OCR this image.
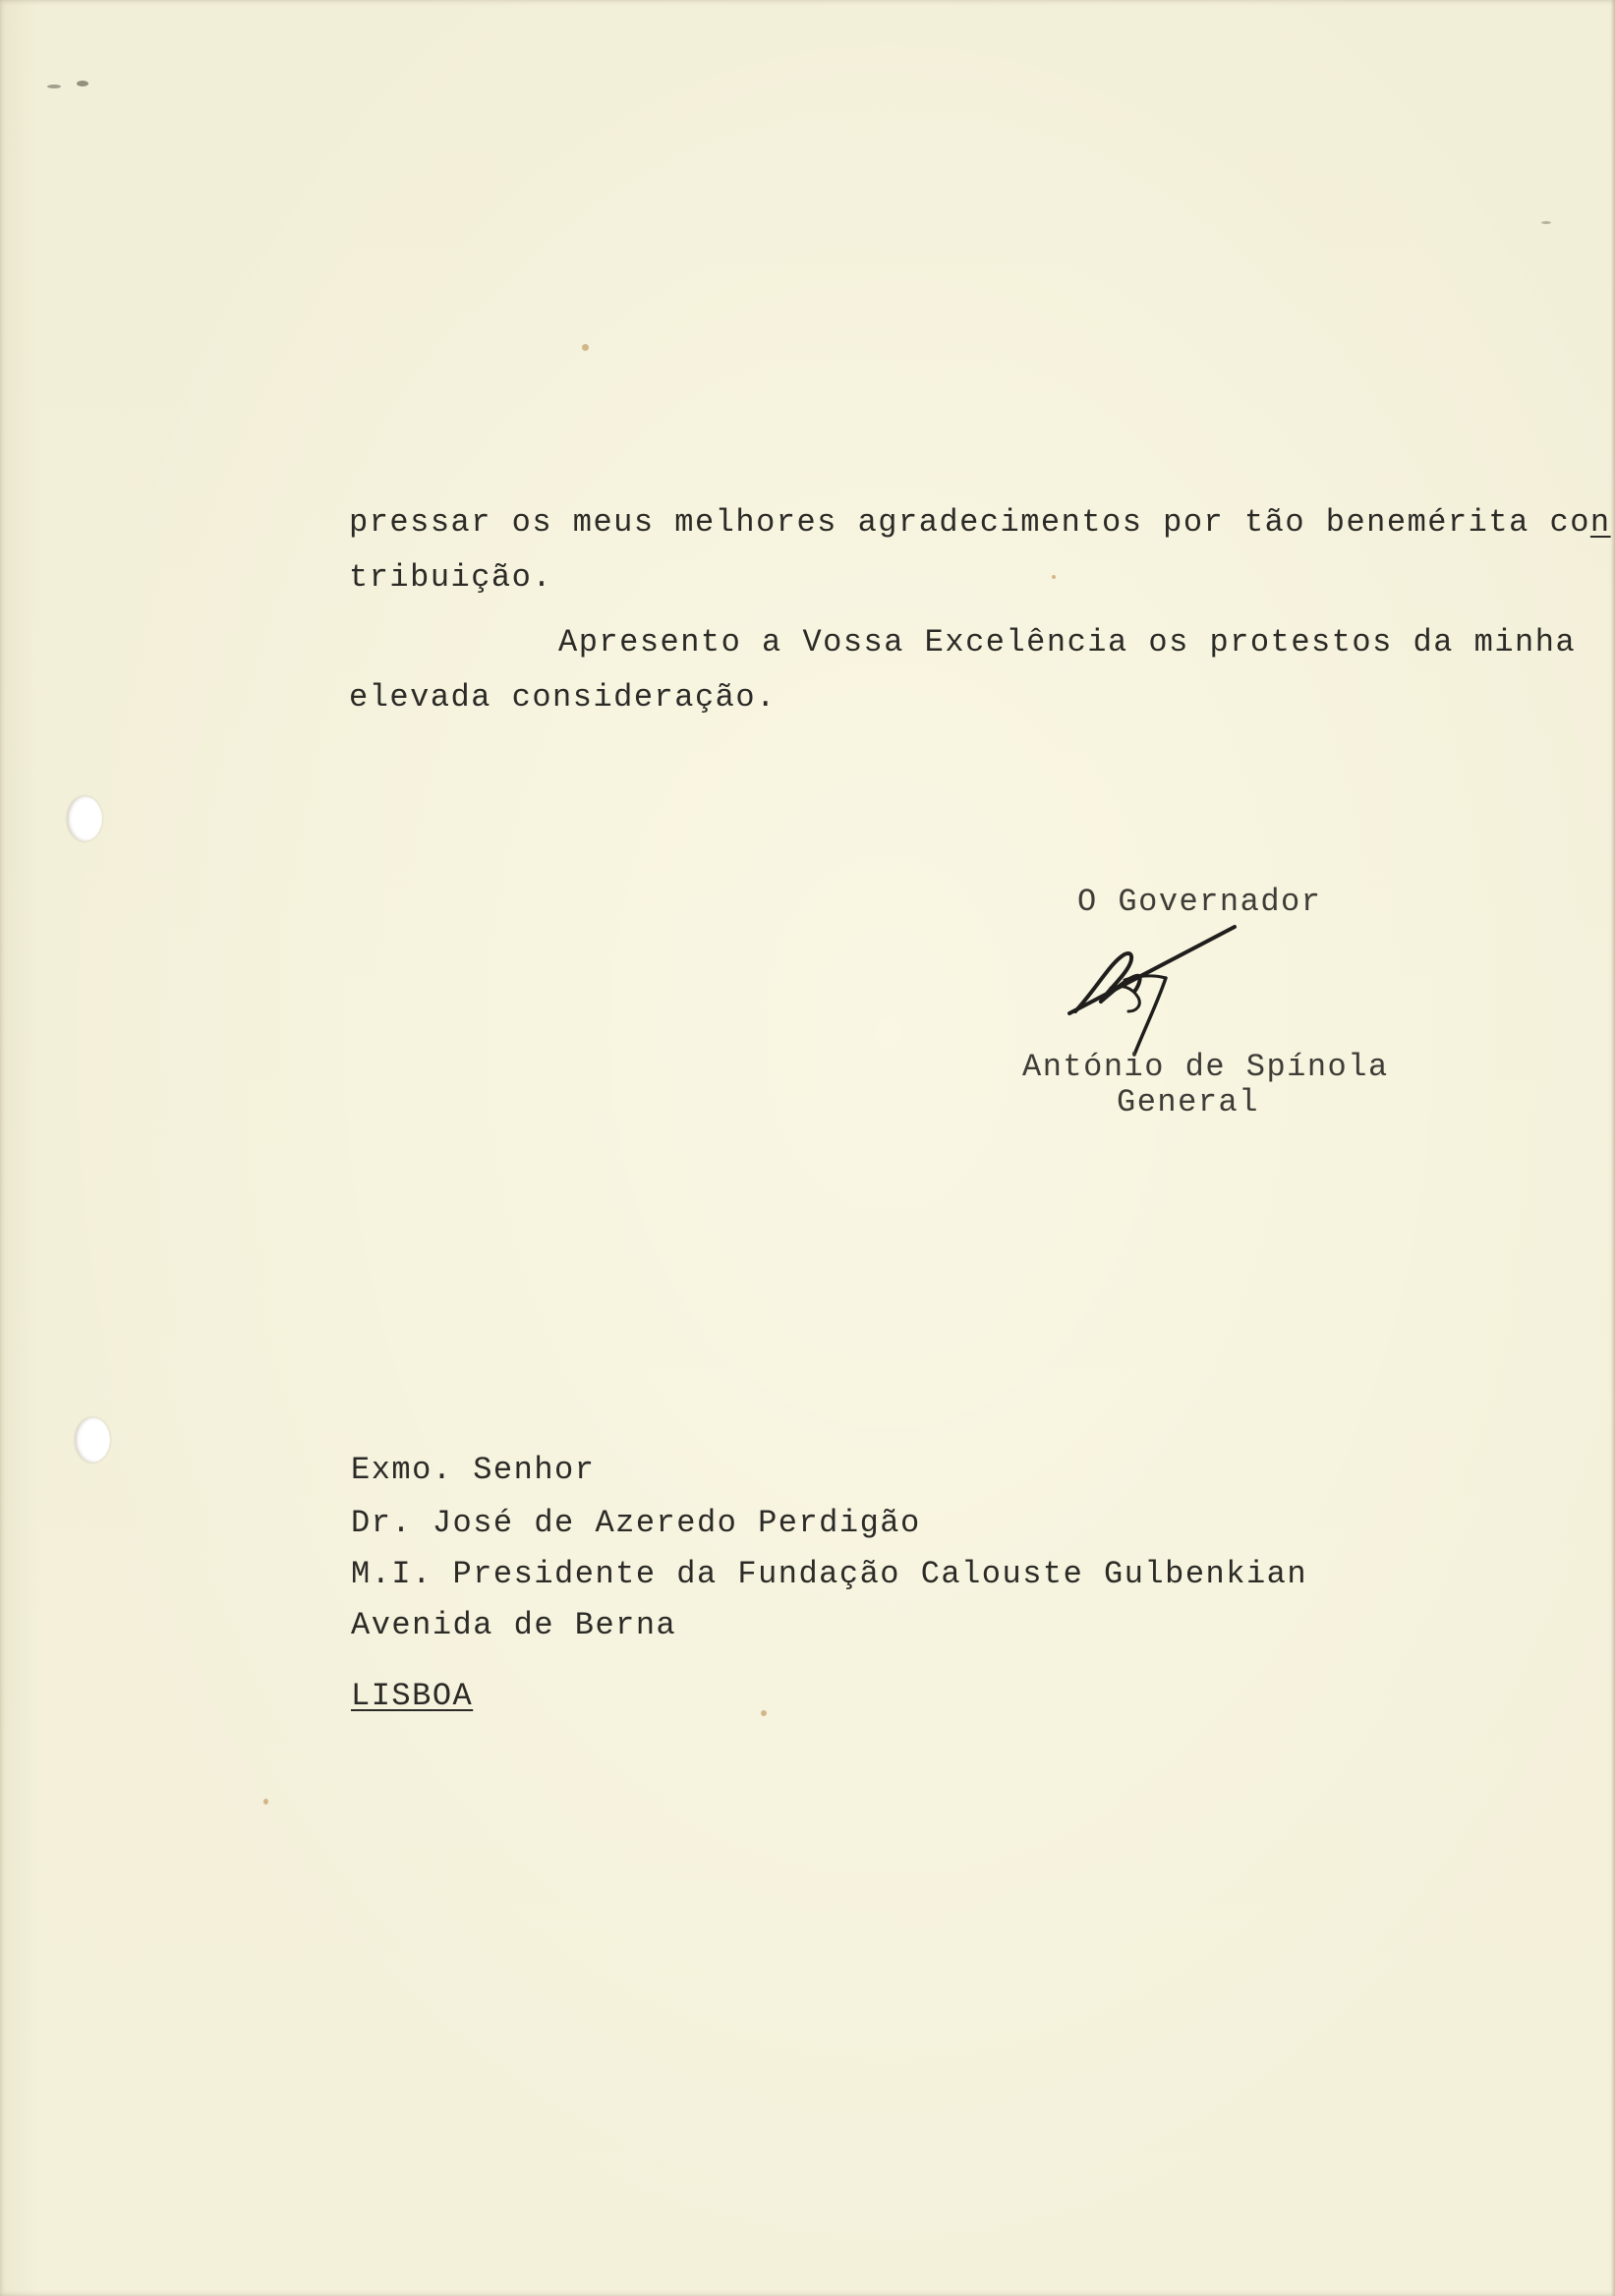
pressar os meus melhores agradecimentos por tão benemérita con
tribuição.
Apresento a Vossa Excelência os protestos da minha
elevada consideração.
O Governador
António de Spínola
General
Exmo. Senhor
Dr. José de Azeredo Perdigão
M.I. Presidente da Fundação Calouste Gulbenkian
Avenida de Berna
LISBOA
